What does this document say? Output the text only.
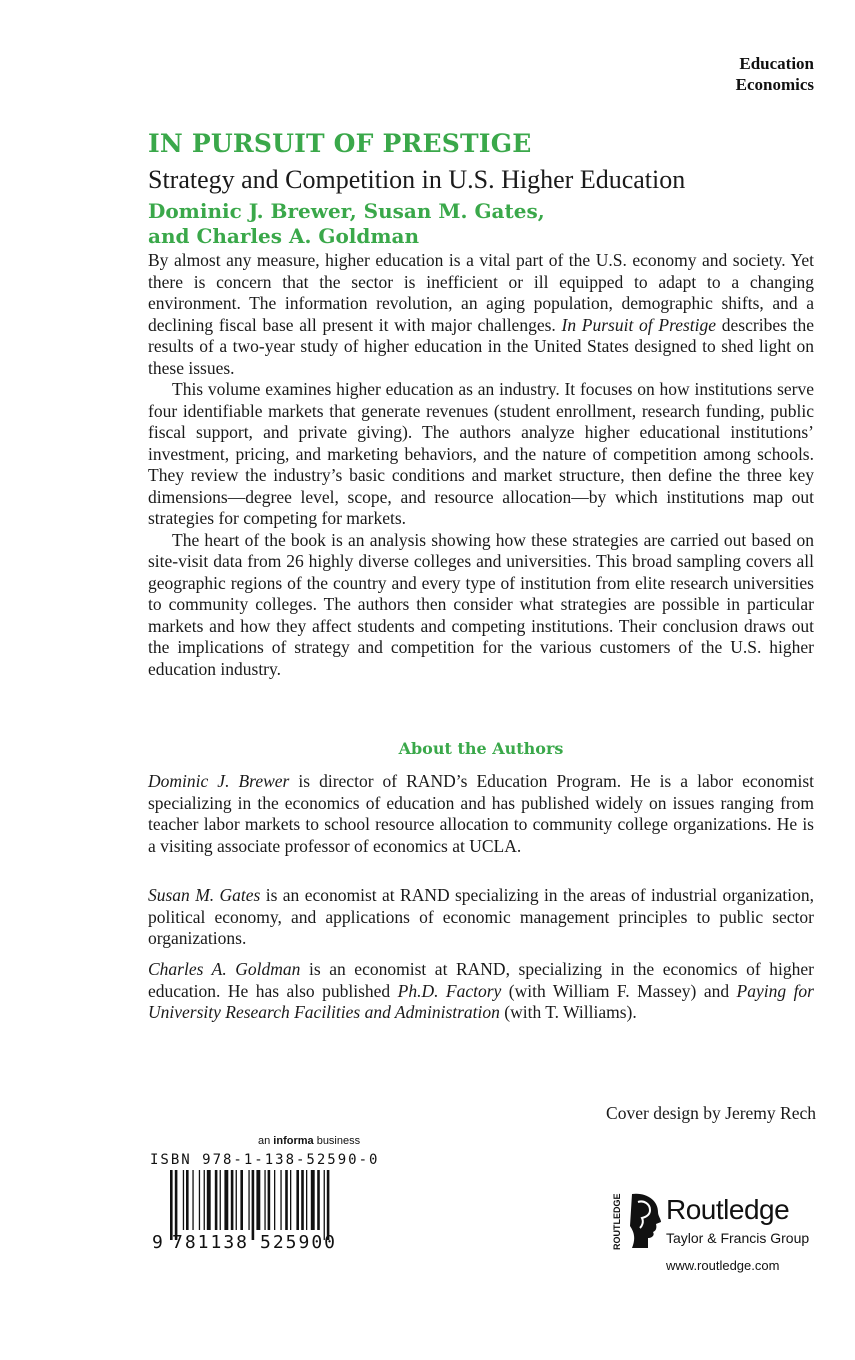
Education
Economics
IN PURSUIT OF PRESTIGE
Strategy and Competition in U.S. Higher Education
Dominic J. Brewer, Susan M. Gates,
and Charles A. Goldman

By almost any measure, higher education is a vital part of the U.S. economy and society. Yet there is concern that the sector is inefficient or ill equipped to adapt to a changing environment. The information revolution, an aging population, demographic shifts, and a declining fiscal base all present it with major challenges. In Pursuit of Prestige describes the results of a two-year study of higher education in the United States designed to shed light on these issues.

This volume examines higher education as an industry. It focuses on how institutions serve four identifiable markets that generate revenues (student enrollment, research funding, public fiscal support, and private giving). The authors analyze higher educational institutions’ investment, pricing, and marketing behaviors, and the nature of competition among schools. They review the industry’s basic conditions and market structure, then define the three key dimensions—degree level, scope, and resource allocation—by which institutions map out strategies for competing for markets.

The heart of the book is an analysis showing how these strategies are carried out based on site-visit data from 26 highly diverse colleges and universities. This broad sampling covers all geographic regions of the country and every type of institution from elite research universities to community colleges. The authors then consider what strategies are possible in particular markets and how they affect students and competing institutions. Their conclusion draws out the implications of strategy and competition for the various customers of the U.S. higher education industry.

About the Authors

Dominic J. Brewer is director of RAND’s Education Program. He is a labor economist specializing in the economics of education and has published widely on issues ranging from teacher labor markets to school resource allocation to community college organizations. He is a visiting associate professor of economics at UCLA.

Susan M. Gates is an economist at RAND specializing in the areas of industrial organization, political economy, and applications of economic management principles to public sector organizations.

Charles A. Goldman is an economist at RAND, specializing in the economics of higher education. He has also published Ph.D. Factory (with William F. Massey) and Paying for University Research Facilities and Administration (with T. Williams).

Cover design by Jeremy Rech
an informa business
ISBN 978-1-138-52590-0
9 781138 525900	ROUTLEDGE Routledge
Taylor & Francis Group
www.routledge.com
